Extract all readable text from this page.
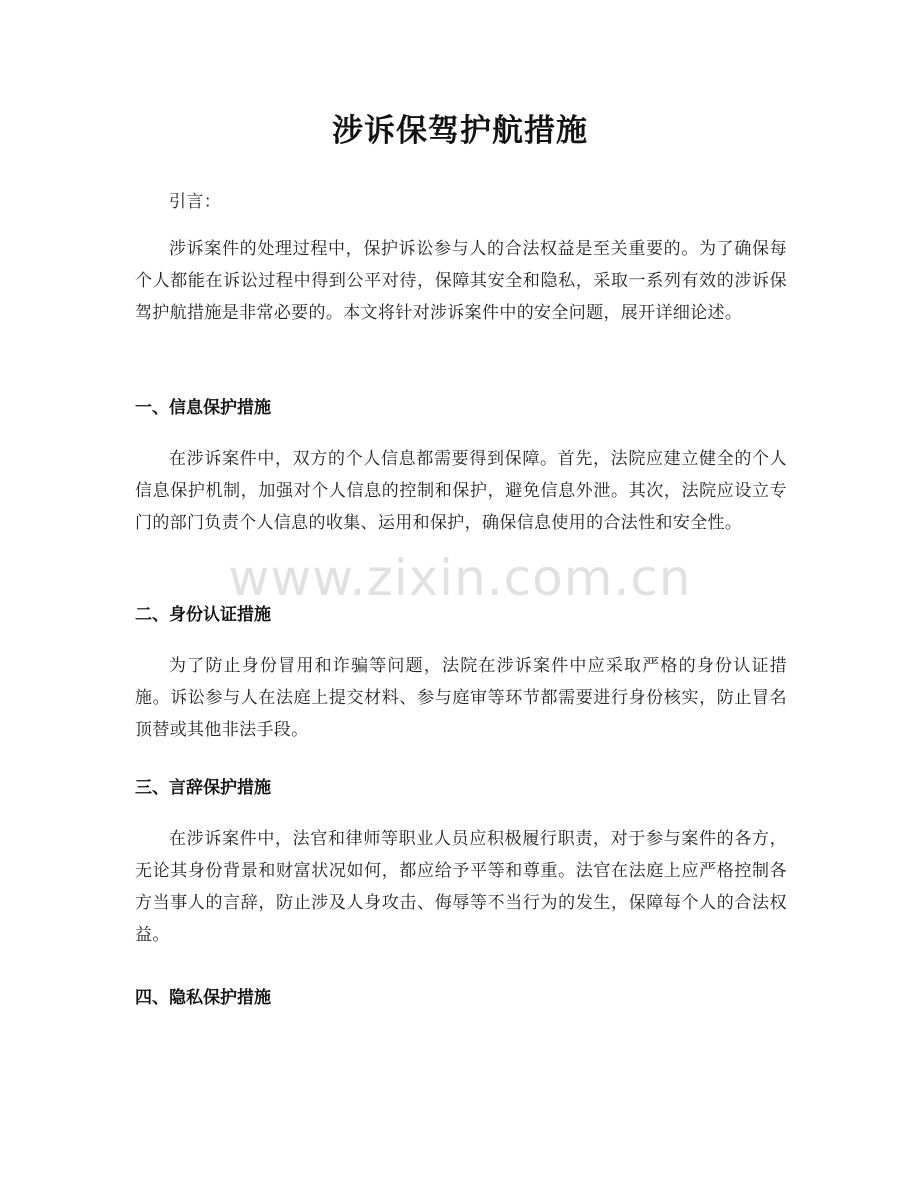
涉诉保驾护航措施

引言：

涉诉案件的处理过程中，保护诉讼参与人的合法权益是至关重要的。为了确保每个人都能在诉讼过程中得到公平对待，保障其安全和隐私，采取一系列有效的涉诉保驾护航措施是非常必要的。本文将针对涉诉案件中的安全问题，展开详细论述。

一、信息保护措施

在涉诉案件中，双方的个人信息都需要得到保障。首先，法院应建立健全的个人信息保护机制，加强对个人信息的控制和保护，避免信息外泄。其次，法院应设立专门的部门负责个人信息的收集、运用和保护，确保信息使用的合法性和安全性。

二、身份认证措施

为了防止身份冒用和诈骗等问题，法院在涉诉案件中应采取严格的身份认证措施。诉讼参与人在法庭上提交材料、参与庭审等环节都需要进行身份核实，防止冒名顶替或其他非法手段。

三、言辞保护措施

在涉诉案件中，法官和律师等职业人员应积极履行职责，对于参与案件的各方，无论其身份背景和财富状况如何，都应给予平等和尊重。法官在法庭上应严格控制各方当事人的言辞，防止涉及人身攻击、侮辱等不当行为的发生，保障每个人的合法权益。

四、隐私保护措施
www.zixin.com.cn
